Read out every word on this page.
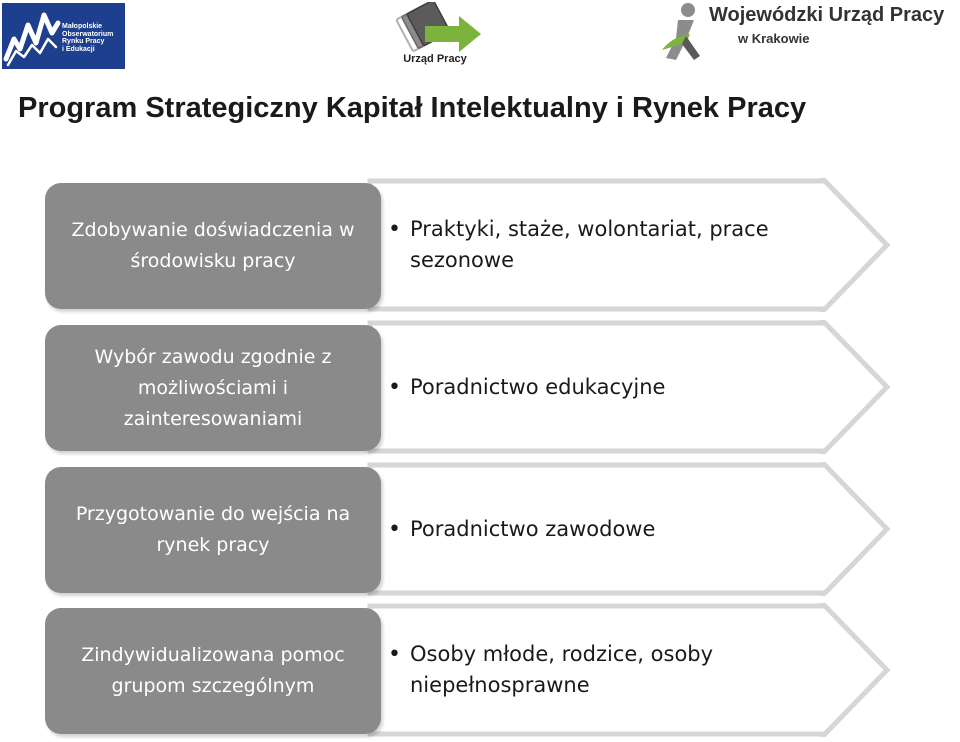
Małopolskie
Obserwatorium
Rynku Pracy
i Edukacji
Urząd Pracy
Wojewódzki Urząd Pracy
w Krakowie
Program Strategiczny Kapitał Intelektualny i Rynek Pracy
Zdobywanie doświadczenia w środowisku pracy
• Praktyki, staże, wolontariat, prace sezonowe
Wybór zawodu zgodnie z możliwościami i zainteresowaniami
• Poradnictwo edukacyjne
Przygotowanie do wejścia na rynek pracy
• Poradnictwo zawodowe
Zindywidualizowana pomoc grupom szczególnym
• Osoby młode, rodzice, osoby niepełnosprawne
